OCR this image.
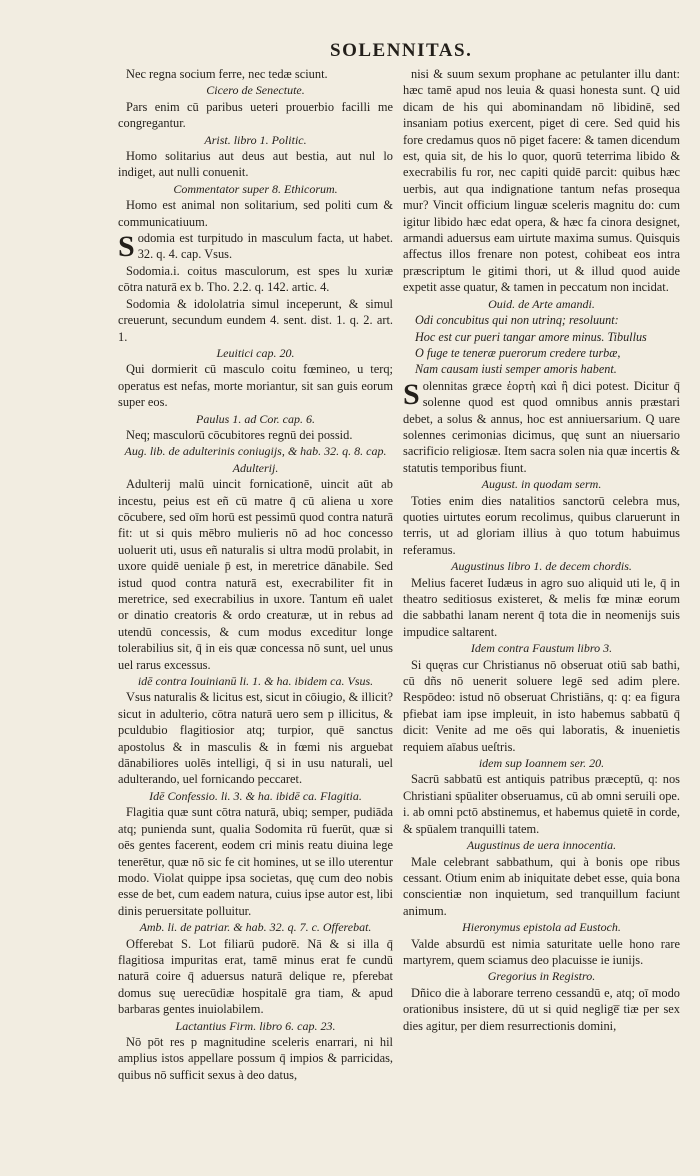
SOLENNITAS.

Nec regna socium ferre, nec tedæ sciunt.

Cicero de Senectute.

Pars enim cū paribus ueteri prouerbio facilli me congregantur.

Arist. libro 1. Politic.

Homo solitarius aut deus aut bestia, aut nul lo indiget, aut nulli conuenit.

Commentator super 8. Ethicorum.

Homo est animal non solitarium, sed politi cum & communicatiuum.

Sodomia est turpitudo in masculum facta, ut habet. 32. q. 4. cap. Vsus.

Sodomia.i. coitus masculorum, est spes lu xuriæ cōtra naturā ex b. Tho. 2.2. q. 142. artic. 4.

Sodomia & idololatria simul inceperunt, & simul creuerunt, secundum eundem 4. sent. dist. 1. q. 2. art. 1.

Leuitici cap. 20.

Qui dormierit cū masculo coitu fœmineo, u terq; operatus est nefas, morte moriantur, sit san guis eorum super eos.

Paulus 1. ad Cor. cap. 6.

Neq; masculorū cōcubitores regnū dei possid.

Aug. lib. de adulterinis coniugijs, & hab. 32. q. 8. cap. Adulterij.

Adulterij malū uincit fornicationē, uincit aūt ab incestu, peius est eñ cū matre q̄ cū aliena u xore cōcubere, sed oīm horū est pessimū quod contra naturā fit: ut si quis mēbro mulieris nō ad hoc concesso uoluerit uti, usus eñ naturalis si ultra modū prolabit, in uxore quidē ueniale p̄ est, in meretrice dānabile. Sed istud quod contra naturā est, execrabiliter fit in meretrice, sed execrabilius in uxore. Tantum eñ ualet or dinatio creatoris & ordo creaturæ, ut in rebus ad utendū concessis, & cum modus exceditur longe tolerabilius sit, q̄ in eis quæ concessa nō sunt, uel unus uel rarus excessus.

idē contra Iouinianū li. 1. & ha. ibidem ca. Vsus.

Vsus naturalis & licitus est, sicut in cōiugio, & illicit? sicut in adulterio, cōtra naturā uero sem p illicitus, & pculdubio flagitiosior atq; turpior, quē sanctus apostolus & in masculis & in fœmi nis arguebat dānabiliores uolēs intelligi, q̄ si in usu naturali, uel adulterando, uel fornicando peccaret.

Idē Confessio. li. 3. & ha. ibidē ca. Flagitia.

Flagitia quæ sunt cōtra naturā, ubiq; semper, pudiāda atq; punienda sunt, qualia Sodomita rū fuerūt, quæ si oēs gentes facerent, eodem cri minis reatu diuina lege tenerētur, quæ nō sic fe cit homines, ut se illo uterentur modo. Violat quippe ipsa societas, quę cum deo nobis esse de bet, cum eadem natura, cuius ipse autor est, libi dinis peruersitate polluitur.

Amb. li. de patriar. & hab. 32. q. 7. c. Offerebat.

Offerebat S. Lot filiarū pudorē. Nā & si illa q̄ flagitiosa impuritas erat, tamē minus erat fe cundū naturā coire q̄ aduersus naturā delique re, pferebat domus suę uerecūdiæ hospitalē gra tiam, & apud barbaras gentes inuiolabilem.

Lactantius Firm. libro 6. cap. 23.

Nō pōt res p magnitudine sceleris enarrari, ni hil amplius istos appellare possum q̄ impios & parricidas, quibus nō sufficit sexus à deo datus,

nisi & suum sexum prophane ac petulanter illu dant: hæc tamē apud nos leuia & quasi honesta sunt. Q uid dicam de his qui abominandam nō libidinē, sed insaniam potius exercent, piget di cere. Sed quid his fore credamus quos nō piget facere: & tamen dicendum est, quia sit, de his lo quor, quorū teterrima libido & execrabilis fu ror, nec capiti quidē parcit: quibus hæc uerbis, aut qua indignatione tantum nefas prosequa mur? Vincit officium linguæ sceleris magnitu do: cum igitur libido hæc edat opera, & hæc fa cinora designet, armandi aduersus eam uirtute maxima sumus. Quisquis affectus illos frenare non potest, cohibeat eos intra præscriptum le gitimi thori, ut & illud quod auide expetit asse quatur, & tamen in peccatum non incidat.

Ouid. de Arte amandi.

Odi concubitus qui non utrinq; resoluunt:

Hoc est cur pueri tangar amore minus. Tibullus

O fuge te teneræ puerorum credere turbæ,

Nam causam iusti semper amoris habent.

Solennitas græce ἑορτὴ καὶ ἢ dici potest. Dicitur q̄ solenne quod est quod omnibus annis præstari debet, a solus & annus, hoc est anniuersarium. Q uare solennes cerimonias dicimus, quę sunt an niuersario sacrificio religiosæ. Item sacra solen nia quæ incertis & statutis temporibus fiunt.

August. in quodam serm.

Toties enim dies natalitios sanctorū celebra mus, quoties uirtutes eorum recolimus, quibus claruerunt in terris, ut ad gloriam illius à quo totum habuimus referamus.

Augustinus libro 1. de decem chordis.

Melius faceret Iudæus in agro suo aliquid uti le, q̄ in theatro seditiosus existeret, & melis fœ minæ eorum die sabbathi lanam nerent q̄ tota die in neomenijs suis impudice saltarent.

Idem contra Faustum libro 3.

Si quęras cur Christianus nō obseruat otiū sab bathi, cū dñs nō uenerit soluere legē sed adim plere. Respōdeo: istud nō obseruat Christiāns, q: q: ea figura pfiebat iam ipse impleuit, in isto habemus sabbatū q̄ dicit: Venite ad me oēs qui laboratis, & inuenietis requiem aīabus ueſtris.

idem sup Ioannem ser. 20.

Sacrū sabbatū est antiquis patribus præceptū, q: nos Christiani spūaliter obseruamus, cū ab omni seruili ope. i. ab omni pctō abstinemus, et habemus quietē in corde, & spūalem tranquilli tatem.

Augustinus de uera innocentia.

Male celebrant sabbathum, qui à bonis ope ribus cessant. Otium enim ab iniquitate debet esse, quia bona conscientiæ non inquietum, sed tranquillum faciunt animum.

Hieronymus epistola ad Eustoch.

Valde absurdū est nimia saturitate uelle hono rare martyrem, quem sciamus deo placuisse ie iunijs.

Gregorius in Registro.

Dñico die à laborare terreno cessandū e, atq; oī modo orationibus insistere, dū ut si quid neglige̅ tiæ per sex dies agitur, per diem resurrectionis domini,
